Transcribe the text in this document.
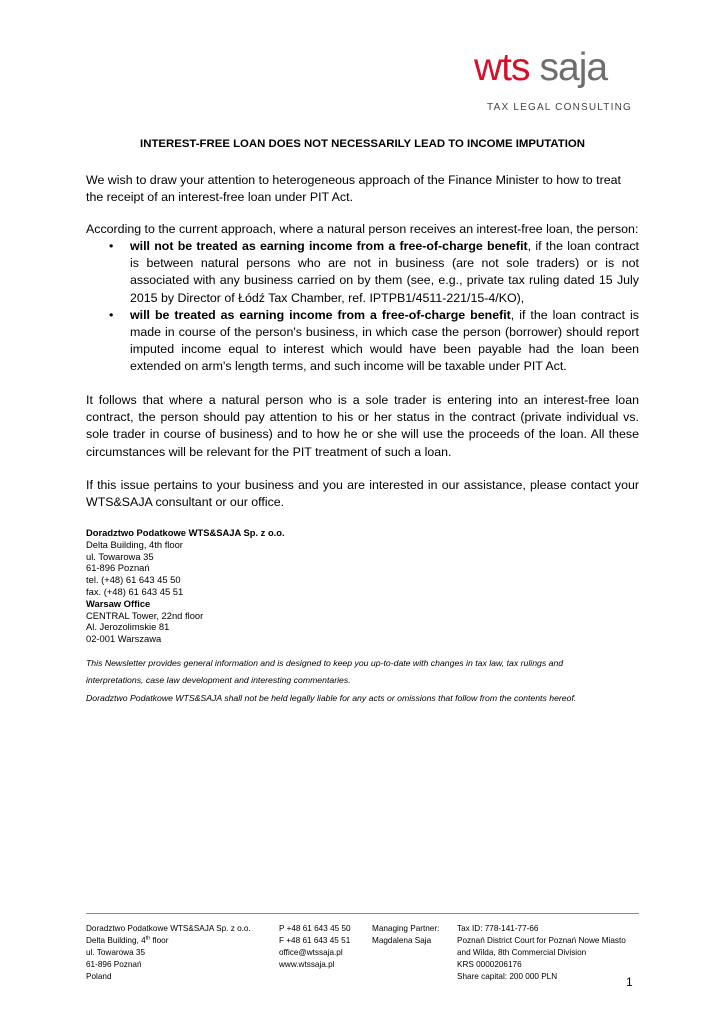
wts saja
TAX LEGAL CONSULTING
INTEREST-FREE LOAN DOES NOT NECESSARILY LEAD TO INCOME IMPUTATION
We wish to draw your attention to heterogeneous approach of the Finance Minister to how to treat the receipt of an interest-free loan under PIT Act.
According to the current approach, where a natural person receives an interest-free loan, the person:
• will not be treated as earning income from a free-of-charge benefit, if the loan contract is between natural persons who are not in business (are not sole traders) or is not associated with any business carried on by them (see, e.g., private tax ruling dated 15 July 2015 by Director of Łódź Tax Chamber, ref. IPTPB1/4511-221/15-4/KO),
• will be treated as earning income from a free-of-charge benefit, if the loan contract is made in course of the person's business, in which case the person (borrower) should report imputed income equal to interest which would have been payable had the loan been extended on arm's length terms, and such income will be taxable under PIT Act.
It follows that where a natural person who is a sole trader is entering into an interest-free loan contract, the person should pay attention to his or her status in the contract (private individual vs. sole trader in course of business) and to how he or she will use the proceeds of the loan. All these circumstances will be relevant for the PIT treatment of such a loan.
If this issue pertains to your business and you are interested in our assistance, please contact your WTS&SAJA consultant or our office.
Doradztwo Podatkowe WTS&SAJA Sp. z o.o.
Delta Building, 4th floor
ul. Towarowa 35
61-896 Poznań
tel. (+48) 61 643 45 50
fax. (+48) 61 643 45 51
Warsaw Office
CENTRAL Tower, 22nd floor
Al. Jerozolimskie 81
02-001 Warszawa
This Newsletter provides general information and is designed to keep you up-to-date with changes in tax law, tax rulings and
interpretations, case law development and interesting commentaries.
Doradztwo Podatkowe WTS&SAJA shall not be held legally liable for any acts or omissions that follow from the contents hereof.
Doradztwo Podatkowe WTS&SAJA Sp. z o.o.
Delta Building, 4th floor
ul. Towarowa 35
61-896 Poznań
Poland
P +48 61 643 45 50
F +48 61 643 45 51
office@wtssaja.pl
www.wtssaja.pl
Managing Partner:
Magdalena Saja
Tax ID: 778-141-77-66
Poznań District Court for Poznań Nowe Miasto
and Wilda, 8th Commercial Division
KRS 0000206176
Share capital: 200 000 PLN	1
